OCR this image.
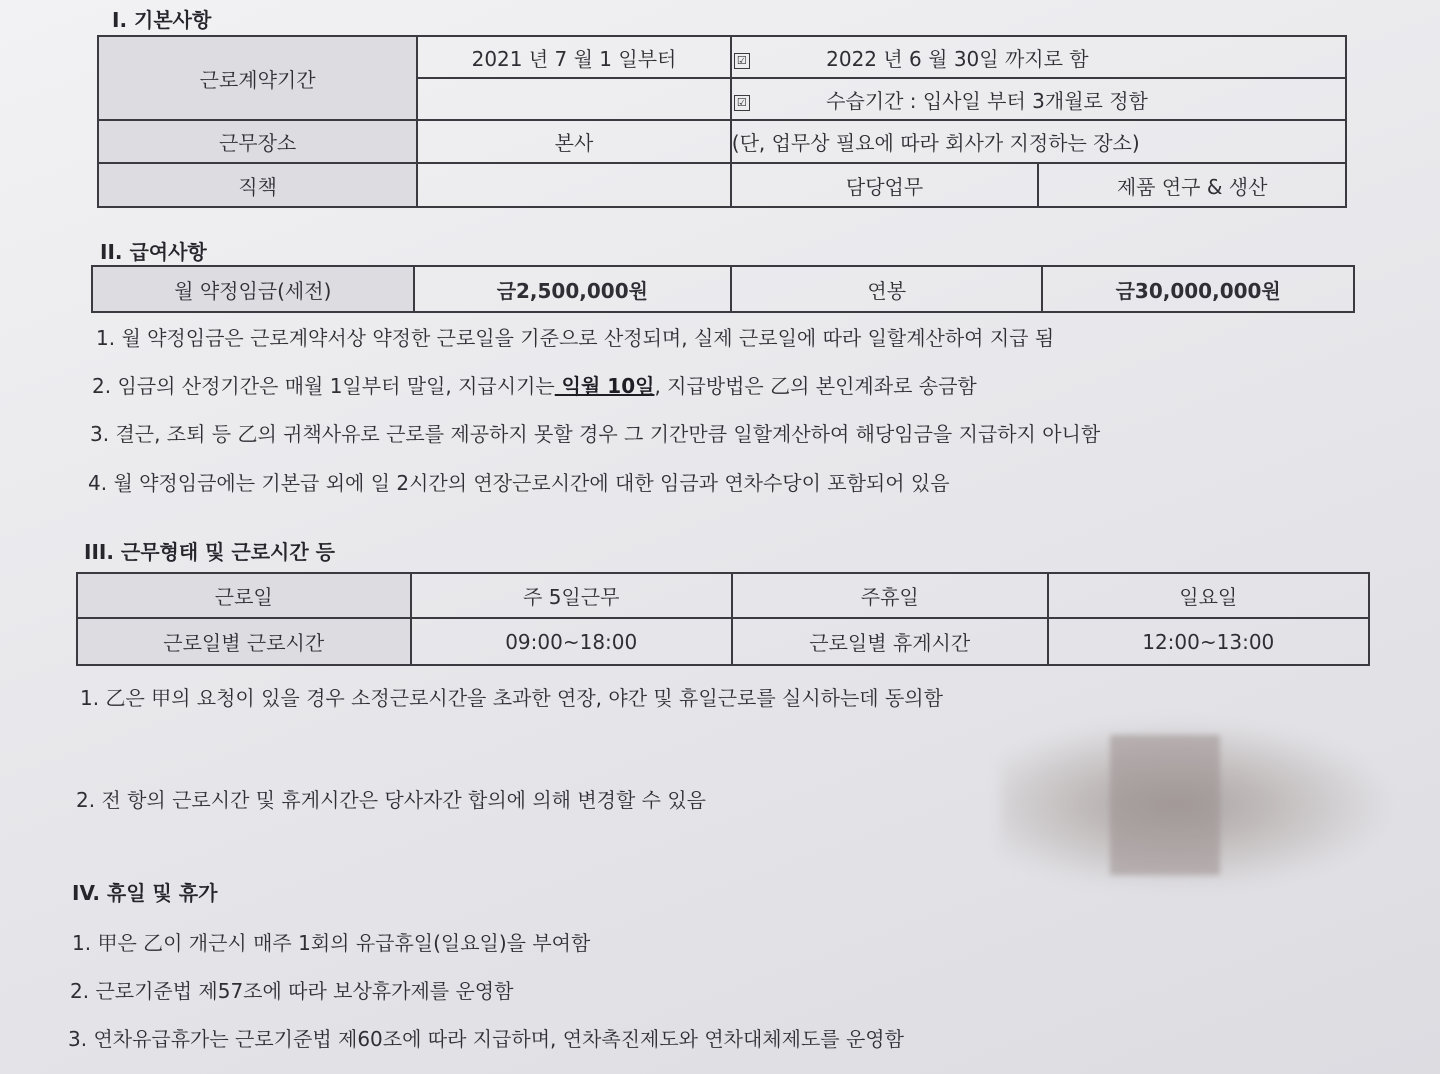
I. 기본사항
근로계약기간	2021 년 7 월 1 일부터	☑ 2022 년 6 월 30일 까지로 함	
		☑ 수습기간 : 입사일 부터 3개월로 정함	
근무장소	본사	(단, 업무상 필요에 따라 회사가 지정하는 장소)	
직책		담당업무	제품 연구 & 생산
II. 급여사항
월 약정임금(세전)	금2,500,000원	연봉	금30,000,000원
1. 월 약정임금은 근로계약서상 약정한 근로일을 기준으로 산정되며, 실제 근로일에 따라 일할계산하여 지급 됨
2. 임금의 산정기간은 매월 1일부터 말일, 지급시기는 익월 10일, 지급방법은 乙의 본인계좌로 송금함
3. 결근, 조퇴 등 乙의 귀책사유로 근로를 제공하지 못할 경우 그 기간만큼 일할계산하여 해당임금을 지급하지 아니함
4. 월 약정임금에는 기본급 외에 일 2시간의 연장근로시간에 대한 임금과 연차수당이 포함되어 있음
III. 근무형태 및 근로시간 등
근로일	주 5일근무	주휴일	일요일
근로일별 근로시간	09:00~18:00	근로일별 휴게시간	12:00~13:00
1. 乙은 甲의 요청이 있을 경우 소정근로시간을 초과한 연장, 야간 및 휴일근로를 실시하는데 동의함
2. 전 항의 근로시간 및 휴게시간은 당사자간 합의에 의해 변경할 수 있음
IV. 휴일 및 휴가
1. 甲은 乙이 개근시 매주 1회의 유급휴일(일요일)을 부여함
2. 근로기준법 제57조에 따라 보상휴가제를 운영함
3. 연차유급휴가는 근로기준법 제60조에 따라 지급하며, 연차촉진제도와 연차대체제도를 운영함
